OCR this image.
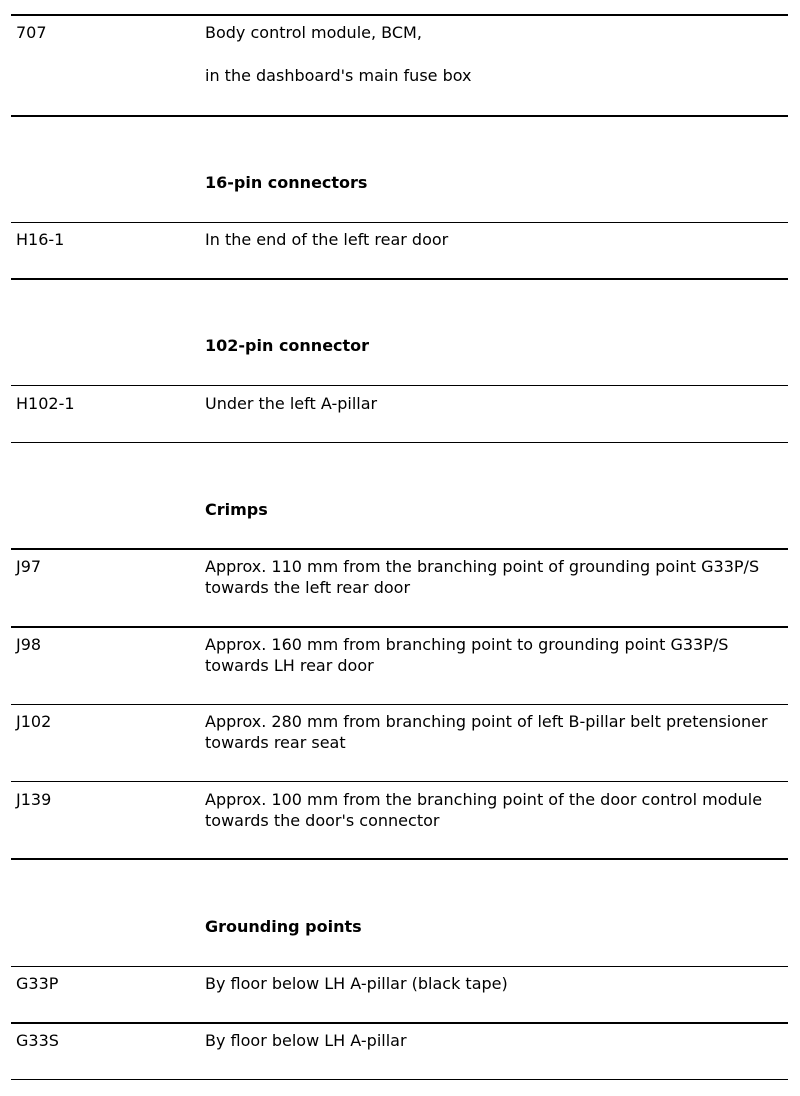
707	Body control module, BCM,
in the dashboard's main fuse box
16-pin connectors
H16-1	In the end of the left rear door
102-pin connector
H102-1	Under the left A-pillar
Crimps
J97	Approx. 110 mm from the branching point of grounding point G33P/S towards the left rear door
J98	Approx. 160 mm from branching point to grounding point G33P/S towards LH rear door
J102	Approx. 280 mm from branching point of left B-pillar belt pretensioner towards rear seat
J139	Approx. 100 mm from the branching point of the door control module towards the door's connector
Grounding points
G33P	By floor below LH A-pillar (black tape)
G33S	By floor below LH A-pillar
